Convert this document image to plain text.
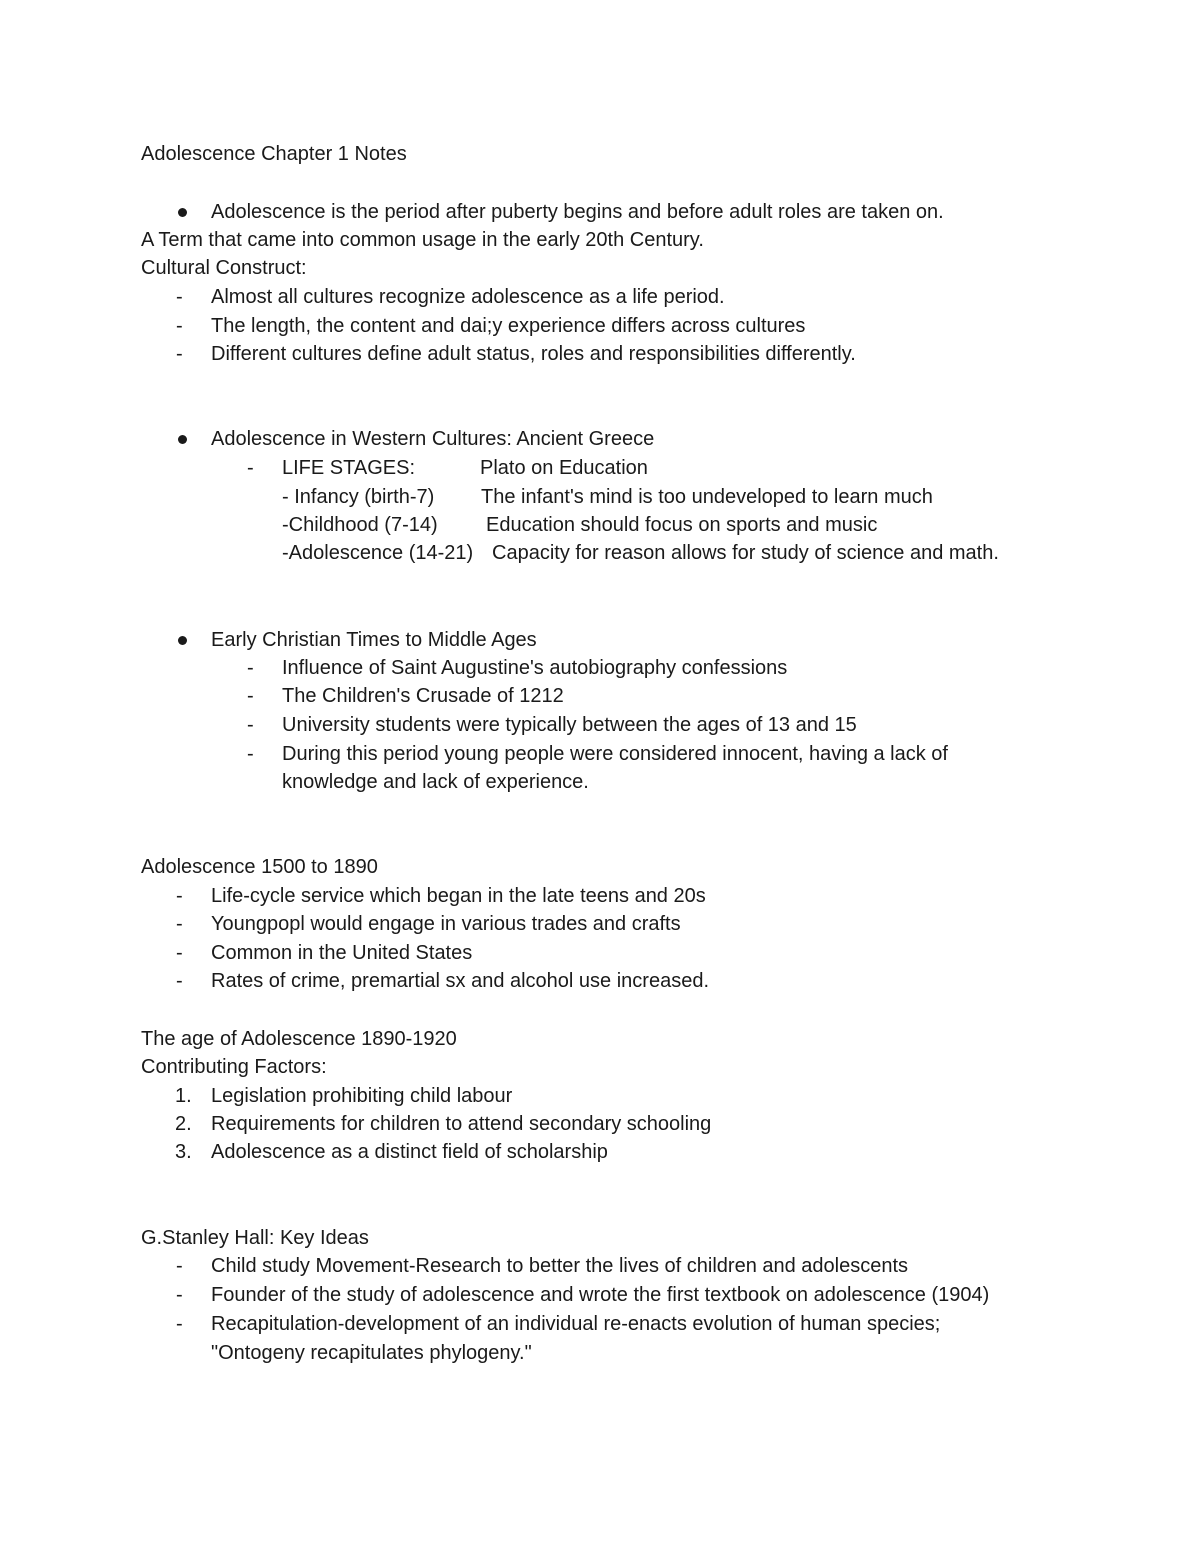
Adolescence Chapter 1 Notes
Adolescence is the period after puberty begins and before adult roles are taken on.
A Term that came into common usage in the early 20th Century.
Cultural Construct:
- Almost all cultures recognize adolescence as a life period.
- The length, the content and dai;y experience differs across cultures
- Different cultures define adult status, roles and responsibilities differently.
Adolescence in Western Cultures: Ancient Greece
- LIFE STAGES:	Plato on Education
- Infancy (birth-7) The infant's mind is too undeveloped to learn much
-Childhood (7-14) Education should focus on sports and music
-Adolescence (14-21) Capacity for reason allows for study of science and math.
Early Christian Times to Middle Ages
- Influence of Saint Augustine's autobiography confessions
- The Children's Crusade of 1212
- University students were typically between the ages of 13 and 15
- During this period young people were considered innocent, having a lack of
knowledge and lack of experience.
Adolescence 1500 to 1890
- Life-cycle service which began in the late teens and 20s
- Youngpopl would engage in various trades and crafts
- Common in the United States
- Rates of crime, premartial sx and alcohol use increased.
The age of Adolescence 1890-1920
Contributing Factors:
1. Legislation prohibiting child labour
2. Requirements for children to attend secondary schooling
3. Adolescence as a distinct field of scholarship
G.Stanley Hall: Key Ideas
- Child study Movement-Research to better the lives of children and adolescents
- Founder of the study of adolescence and wrote the first textbook on adolescence (1904)
- Recapitulation-development of an individual re-enacts evolution of human species;
"Ontogeny recapitulates phylogeny."
